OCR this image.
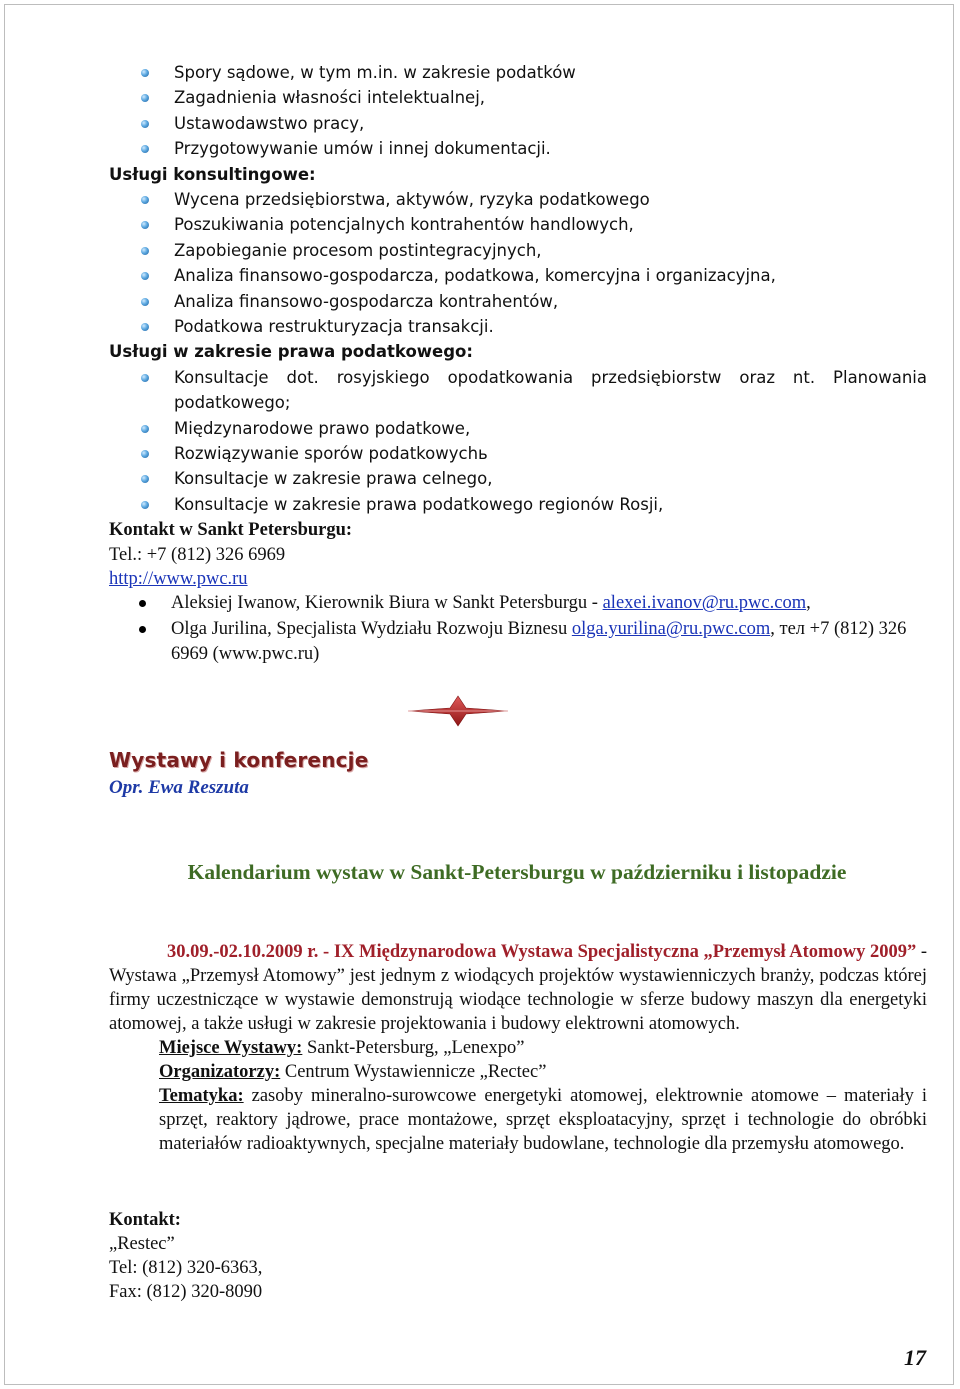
Spory sądowe, w tym m.in. w zakresie podatków
Zagadnienia własności intelektualnej,
Ustawodawstwo pracy,
Przygotowywanie umów i innej dokumentacji.
Usługi konsultingowe:
Wycena przedsiębiorstwa, aktywów, ryzyka podatkowego
Poszukiwania potencjalnych kontrahentów handlowych,
Zapobieganie procesom postintegracyjnych,
Analiza finansowo-gospodarcza, podatkowa, komercyjna i organizacyjna,
Analiza finansowo-gospodarcza kontrahentów,
Podatkowa restrukturyzacja transakcji.
Usługi w zakresie prawa podatkowego:
Konsultacje dot. rosyjskiego opodatkowania przedsiębiorstw oraz nt. Planowania
podatkowego;
Międzynarodowe prawo podatkowe,
Rozwiązywanie sporów podatkowychь
Konsultacje w zakresie prawa celnego,
Konsultacje w zakresie prawa podatkowego regionów Rosji,
Kontakt w Sankt Petersburgu:
Tel.: +7 (812) 326 6969
http://www.pwc.ru
Aleksiej Iwanow, Kierownik Biura w Sankt Petersburgu - alexei.ivanov@ru.pwc.com,
Olga Jurilina, Specjalista Wydziału Rozwoju Biznesu olga.yurilina@ru.pwc.com, тел +7 (812) 326 6969 (www.pwc.ru)
Wystawy i konferencje
Opr. Ewa Reszuta
Kalendarium wystaw w Sankt-Petersburgu w październiku i listopadzie

30.09.-02.10.2009 r. - IX Międzynarodowa Wystawa Specjalistyczna „Przemysł Atomowy 2009” - Wystawa „Przemysł Atomowy” jest jednym z wiodących projektów wystawienniczych branży, podczas której firmy uczestniczące w wystawie demonstrują wiodące technologie w sferze budowy maszyn dla energetyki atomowej, a także usługi w zakresie projektowania i budowy elektrowni atomowych.

Miejsce Wystawy: Sankt-Petersburg, „Lenexpo”

Organizatorzy: Centrum Wystawiennicze „Rectec”

Tematyka: zasoby mineralno-surowcowe energetyki atomowej, elektrownie atomowe – materiały i sprzęt, reaktory jądrowe, prace montażowe, sprzęt eksploatacyjny, sprzęt i technologie do obróbki materiałów radioaktywnych, specjalne materiały budowlane, technologie dla przemysłu atomowego.

Kontakt:
„Restec”
Tel: (812) 320-6363,
Fax: (812) 320-8090
17
